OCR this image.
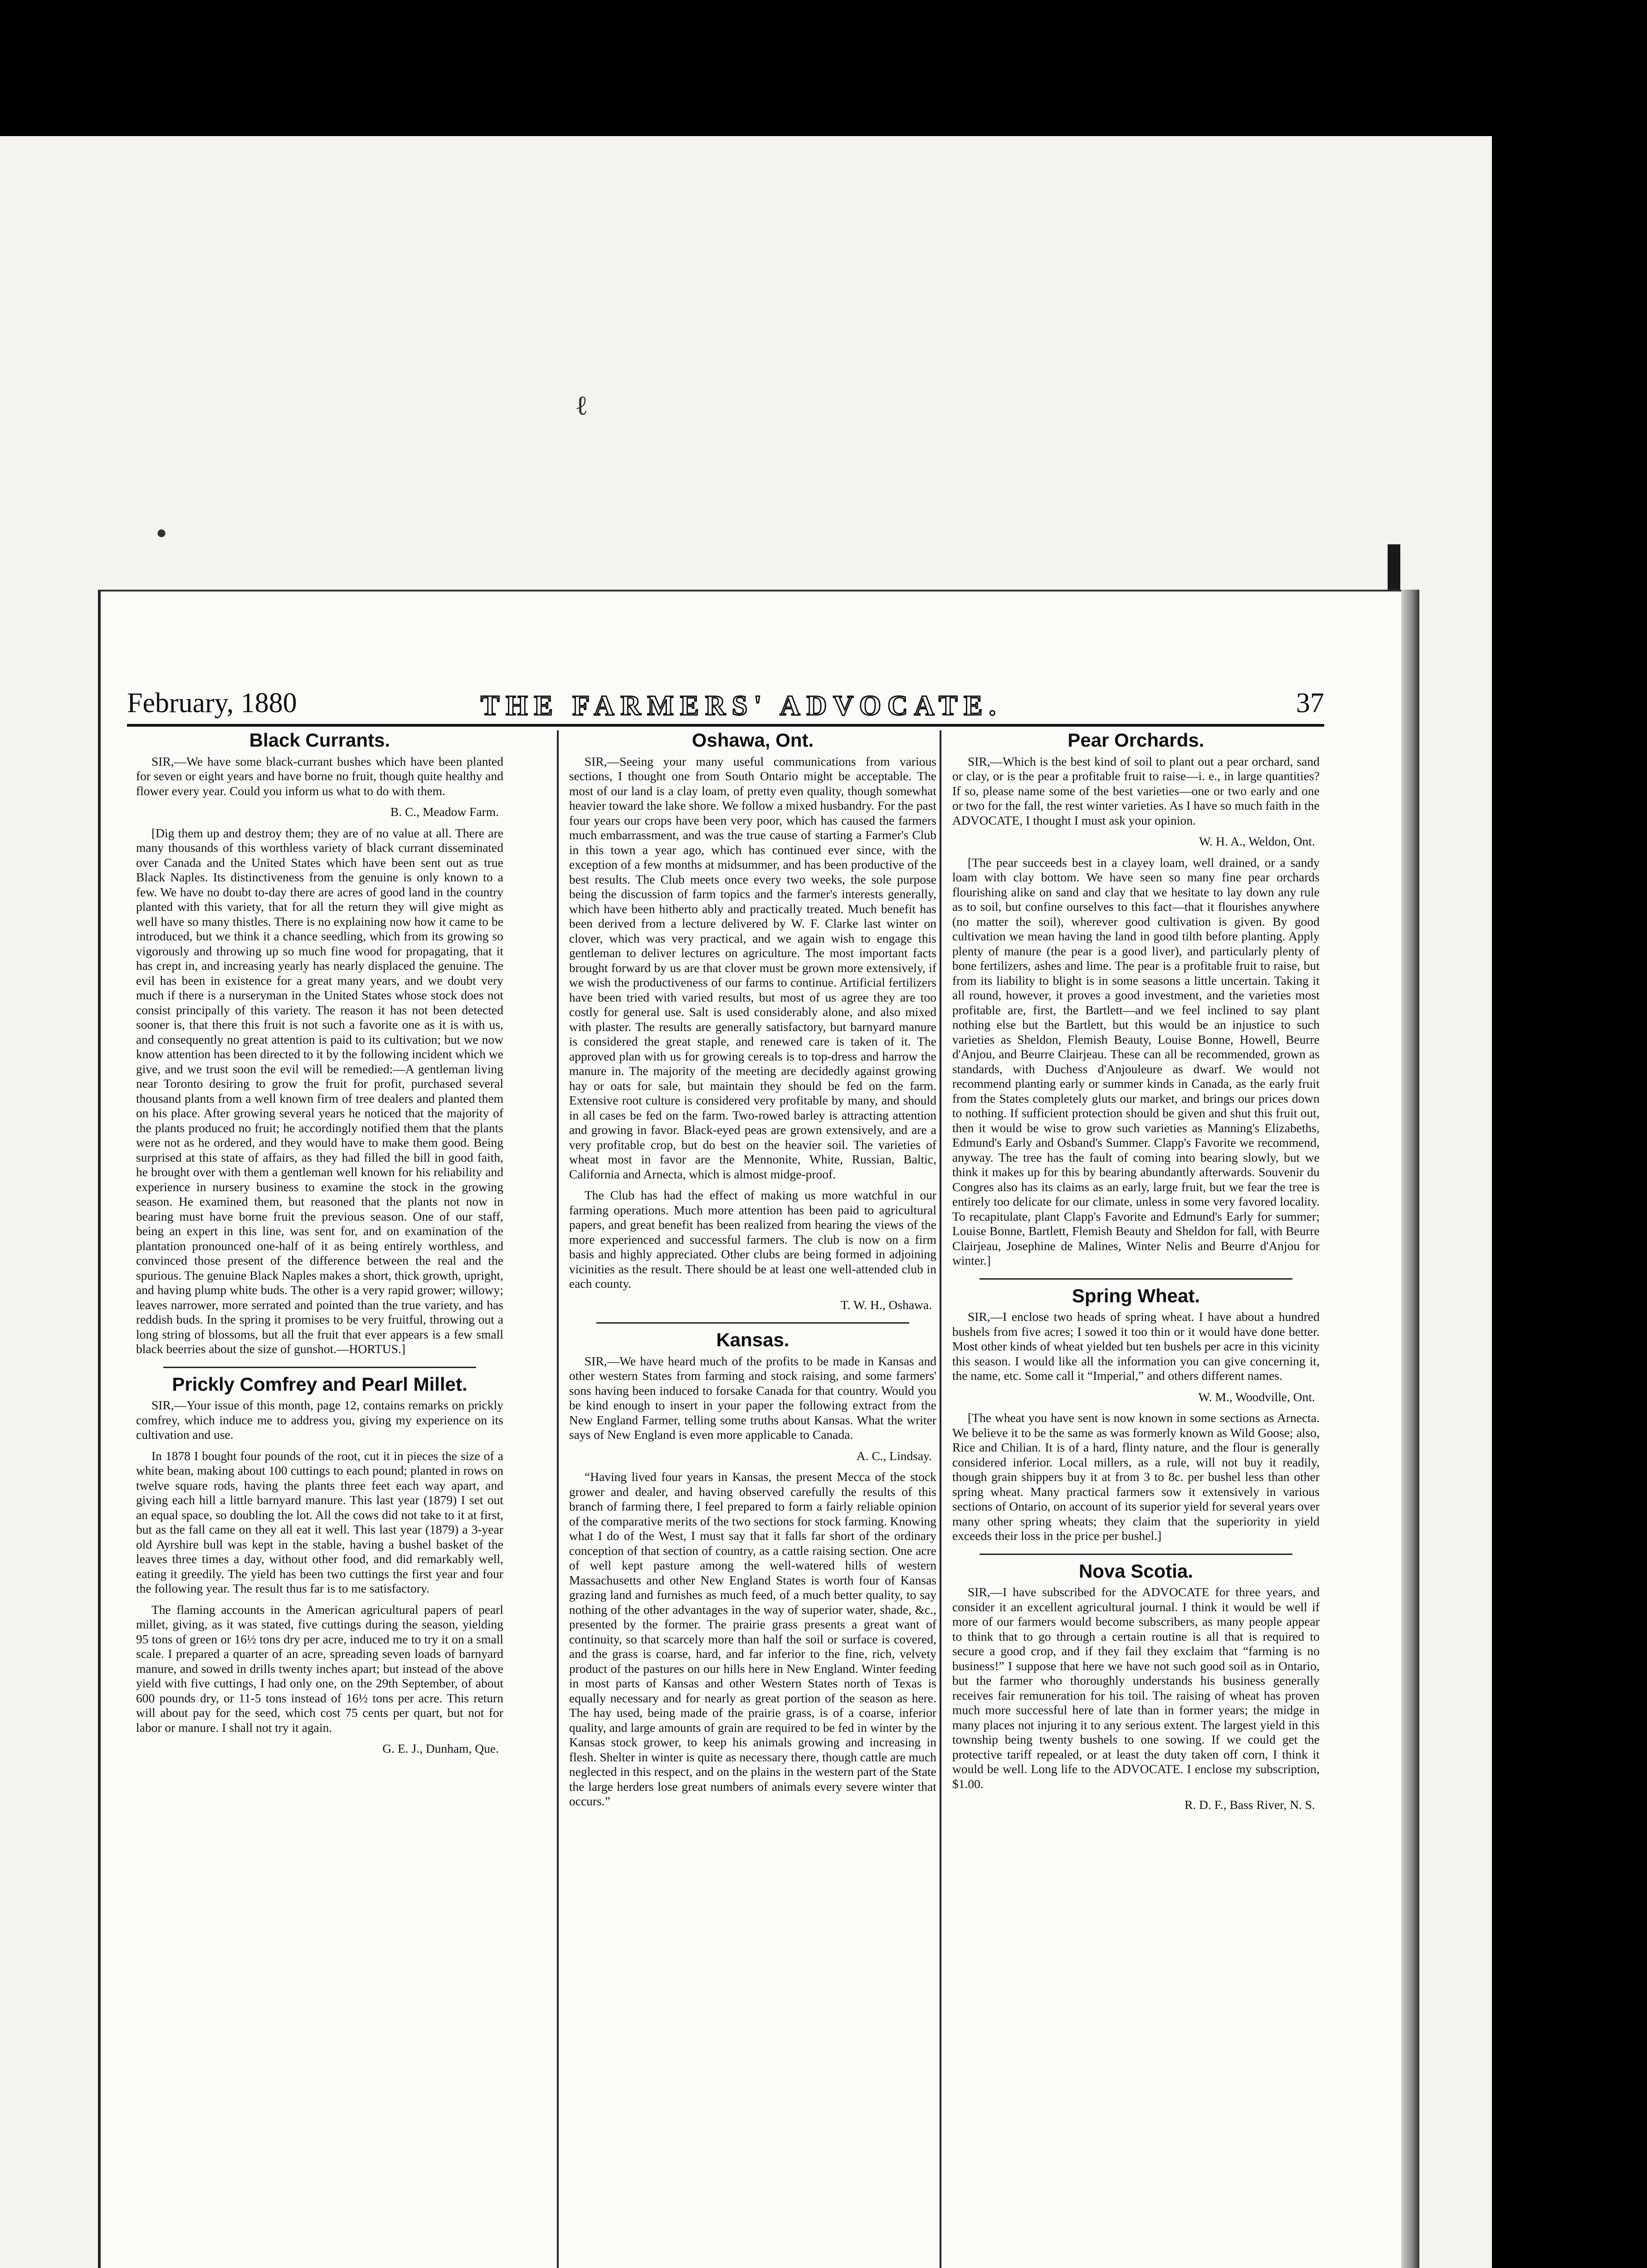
ℓ
●
February, 1880	THE FARMERS' ADVOCATE.	37
Black Currants.

SIR,—We have some black-currant bushes which have been planted for seven or eight years and have borne no fruit, though quite healthy and flower every year. Could you inform us what to do with them.

B. C., Meadow Farm.

[Dig them up and destroy them; they are of no value at all. There are many thousands of this worthless variety of black currant disseminated over Canada and the United States which have been sent out as true Black Naples. Its distinctiveness from the genuine is only known to a few. We have no doubt to-day there are acres of good land in the country planted with this variety, that for all the return they will give might as well have so many thistles. There is no explaining now how it came to be introduced, but we think it a chance seedling, which from its growing so vigorously and throwing up so much fine wood for propagating, that it has crept in, and increasing yearly has nearly displaced the genuine. The evil has been in existence for a great many years, and we doubt very much if there is a nurseryman in the United States whose stock does not consist principally of this variety. The reason it has not been detected sooner is, that there this fruit is not such a favorite one as it is with us, and consequently no great attention is paid to its cultivation; but we now know attention has been directed to it by the following incident which we give, and we trust soon the evil will be remedied:—A gentleman living near Toronto desiring to grow the fruit for profit, purchased several thousand plants from a well known firm of tree dealers and planted them on his place. After growing several years he noticed that the majority of the plants produced no fruit; he accordingly notified them that the plants were not as he ordered, and they would have to make them good. Being surprised at this state of affairs, as they had filled the bill in good faith, he brought over with them a gentleman well known for his reliability and experience in nursery business to examine the stock in the growing season. He examined them, but reasoned that the plants not now in bearing must have borne fruit the previous season. One of our staff, being an expert in this line, was sent for, and on examination of the plantation pronounced one-half of it as being entirely worthless, and convinced those present of the difference between the real and the spurious. The genuine Black Naples makes a short, thick growth, upright, and having plump white buds. The other is a very rapid grower; willowy; leaves narrower, more serrated and pointed than the true variety, and has reddish buds. In the spring it promises to be very fruitful, throwing out a long string of blossoms, but all the fruit that ever appears is a few small black beerries about the size of gunshot.—HORTUS.]

Prickly Comfrey and Pearl Millet.

SIR,—Your issue of this month, page 12, contains remarks on prickly comfrey, which induce me to address you, giving my experience on its cultivation and use.

In 1878 I bought four pounds of the root, cut it in pieces the size of a white bean, making about 100 cuttings to each pound; planted in rows on twelve square rods, having the plants three feet each way apart, and giving each hill a little barnyard manure. This last year (1879) I set out an equal space, so doubling the lot. All the cows did not take to it at first, but as the fall came on they all eat it well. This last year (1879) a 3-year old Ayrshire bull was kept in the stable, having a bushel basket of the leaves three times a day, without other food, and did remarkably well, eating it greedily. The yield has been two cuttings the first year and four the following year. The result thus far is to me satisfactory.

The flaming accounts in the American agricultural papers of pearl millet, giving, as it was stated, five cuttings during the season, yielding 95 tons of green or 16½ tons dry per acre, induced me to try it on a small scale. I prepared a quarter of an acre, spreading seven loads of barnyard manure, and sowed in drills twenty inches apart; but instead of the above yield with five cuttings, I had only one, on the 29th September, of about 600 pounds dry, or 11-5 tons instead of 16½ tons per acre. This return will about pay for the seed, which cost 75 cents per quart, but not for labor or manure. I shall not try it again.

G. E. J., Dunham, Que.
Oshawa, Ont.

SIR,—Seeing your many useful communications from various sections, I thought one from South Ontario might be acceptable. The most of our land is a clay loam, of pretty even quality, though somewhat heavier toward the lake shore. We follow a mixed husbandry. For the past four years our crops have been very poor, which has caused the farmers much embarrassment, and was the true cause of starting a Farmer's Club in this town a year ago, which has continued ever since, with the exception of a few months at midsummer, and has been productive of the best results. The Club meets once every two weeks, the sole purpose being the discussion of farm topics and the farmer's interests generally, which have been hitherto ably and practically treated. Much benefit has been derived from a lecture delivered by W. F. Clarke last winter on clover, which was very practical, and we again wish to engage this gentleman to deliver lectures on agriculture. The most important facts brought forward by us are that clover must be grown more extensively, if we wish the productiveness of our farms to continue. Artificial fertilizers have been tried with varied results, but most of us agree they are too costly for general use. Salt is used considerably alone, and also mixed with plaster. The results are generally satisfactory, but barnyard manure is considered the great staple, and renewed care is taken of it. The approved plan with us for growing cereals is to top-dress and harrow the manure in. The majority of the meeting are decidedly against growing hay or oats for sale, but maintain they should be fed on the farm. Extensive root culture is considered very profitable by many, and should in all cases be fed on the farm. Two-rowed barley is attracting attention and growing in favor. Black-eyed peas are grown extensively, and are a very profitable crop, but do best on the heavier soil. The varieties of wheat most in favor are the Mennonite, White, Russian, Baltic, California and Arnecta, which is almost midge-proof.

The Club has had the effect of making us more watchful in our farming operations. Much more attention has been paid to agricultural papers, and great benefit has been realized from hearing the views of the more experienced and successful farmers. The club is now on a firm basis and highly appreciated. Other clubs are being formed in adjoining vicinities as the result. There should be at least one well-attended club in each county.

T. W. H., Oshawa.
Kansas.

SIR,—We have heard much of the profits to be made in Kansas and other western States from farming and stock raising, and some farmers' sons having been induced to forsake Canada for that country. Would you be kind enough to insert in your paper the following extract from the New England Farmer, telling some truths about Kansas. What the writer says of New England is even more applicable to Canada.

A. C., Lindsay.

“Having lived four years in Kansas, the present Mecca of the stock grower and dealer, and having observed carefully the results of this branch of farming there, I feel prepared to form a fairly reliable opinion of the comparative merits of the two sections for stock farming. Knowing what I do of the West, I must say that it falls far short of the ordinary conception of that section of country, as a cattle raising section. One acre of well kept pasture among the well-watered hills of western Massachusetts and other New England States is worth four of Kansas grazing land and furnishes as much feed, of a much better quality, to say nothing of the other advantages in the way of superior water, shade, &c., presented by the former. The prairie grass presents a great want of continuity, so that scarcely more than half the soil or surface is covered, and the grass is coarse, hard, and far inferior to the fine, rich, velvety product of the pastures on our hills here in New England. Winter feeding in most parts of Kansas and other Western States north of Texas is equally necessary and for nearly as great portion of the season as here. The hay used, being made of the prairie grass, is of a coarse, inferior quality, and large amounts of grain are required to be fed in winter by the Kansas stock grower, to keep his animals growing and increasing in flesh. Shelter in winter is quite as necessary there, though cattle are much neglected in this respect, and on the plains in the western part of the State the large herders lose great numbers of animals every severe winter that occurs.”

Pear Orchards.

SIR,—Which is the best kind of soil to plant out a pear orchard, sand or clay, or is the pear a profitable fruit to raise—i. e., in large quantities? If so, please name some of the best varieties—one or two early and one or two for the fall, the rest winter varieties. As I have so much faith in the ADVOCATE, I thought I must ask your opinion.

W. H. A., Weldon, Ont.

[The pear succeeds best in a clayey loam, well drained, or a sandy loam with clay bottom. We have seen so many fine pear orchards flourishing alike on sand and clay that we hesitate to lay down any rule as to soil, but confine ourselves to this fact—that it flourishes anywhere (no matter the soil), wherever good cultivation is given. By good cultivation we mean having the land in good tilth before planting. Apply plenty of manure (the pear is a good liver), and particularly plenty of bone fertilizers, ashes and lime. The pear is a profitable fruit to raise, but from its liability to blight is in some seasons a little uncertain. Taking it all round, however, it proves a good investment, and the varieties most profitable are, first, the Bartlett—and we feel inclined to say plant nothing else but the Bartlett, but this would be an injustice to such varieties as Sheldon, Flemish Beauty, Louise Bonne, Howell, Beurre d'Anjou, and Beurre Clairjeau. These can all be recommended, grown as standards, with Duchess d'Anjouleure as dwarf. We would not recommend planting early or summer kinds in Canada, as the early fruit from the States completely gluts our market, and brings our prices down to nothing. If sufficient protection should be given and shut this fruit out, then it would be wise to grow such varieties as Manning's Elizabeths, Edmund's Early and Osband's Summer. Clapp's Favorite we recommend, anyway. The tree has the fault of coming into bearing slowly, but we think it makes up for this by bearing abundantly afterwards. Souvenir du Congres also has its claims as an early, large fruit, but we fear the tree is entirely too delicate for our climate, unless in some very favored locality. To recapitulate, plant Clapp's Favorite and Edmund's Early for summer; Louise Bonne, Bartlett, Flemish Beauty and Sheldon for fall, with Beurre Clairjeau, Josephine de Malines, Winter Nelis and Beurre d'Anjou for winter.]

Spring Wheat.

SIR,—I enclose two heads of spring wheat. I have about a hundred bushels from five acres; I sowed it too thin or it would have done better. Most other kinds of wheat yielded but ten bushels per acre in this vicinity this season. I would like all the information you can give concerning it, the name, etc. Some call it “Imperial,” and others different names.

W. M., Woodville, Ont.

[The wheat you have sent is now known in some sections as Arnecta. We believe it to be the same as was formerly known as Wild Goose; also, Rice and Chilian. It is of a hard, flinty nature, and the flour is generally considered inferior. Local millers, as a rule, will not buy it readily, though grain shippers buy it at from 3 to 8c. per bushel less than other spring wheat. Many practical farmers sow it extensively in various sections of Ontario, on account of its superior yield for several years over many other spring wheats; they claim that the superiority in yield exceeds their loss in the price per bushel.]

Nova Scotia.

SIR,—I have subscribed for the ADVOCATE for three years, and consider it an excellent agricultural journal. I think it would be well if more of our farmers would become subscribers, as many people appear to think that to go through a certain routine is all that is required to secure a good crop, and if they fail they exclaim that “farming is no business!” I suppose that here we have not such good soil as in Ontario, but the farmer who thoroughly understands his business generally receives fair remuneration for his toil. The raising of wheat has proven much more successful here of late than in former years; the midge in many places not injuring it to any serious extent. The largest yield in this township being twenty bushels to one sowing. If we could get the protective tariff repealed, or at least the duty taken off corn, I think it would be well. Long life to the ADVOCATE. I enclose my subscription, $1.00.

R. D. F., Bass River, N. S.
